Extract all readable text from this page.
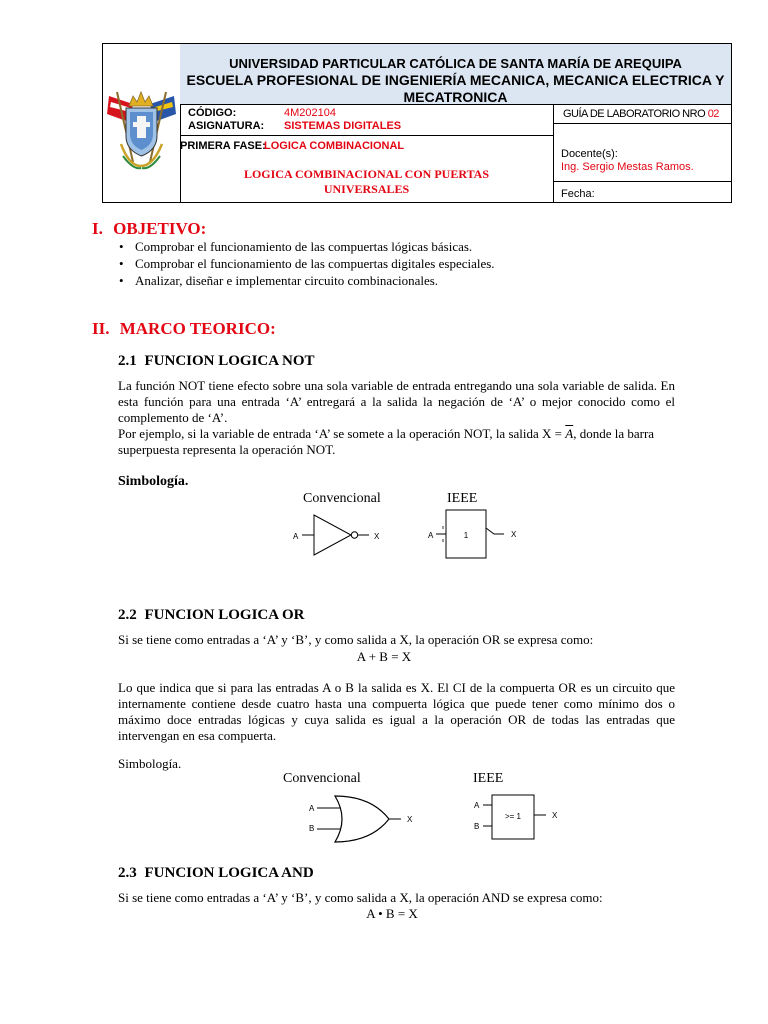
UNIVERSIDAD PARTICULAR CATÓLICA DE SANTA MARÍA DE AREQUIPA
ESCUELA PROFESIONAL DE INGENIERÍA MECANICA, MECANICA ELECTRICA Y
MECATRONICA
CÓDIGO:	4M202104
ASIGNATURA: SISTEMAS DIGITALES
PRIMERA FASE:
LOGICA COMBINACIONAL
LOGICA COMBINACIONAL CON PUERTAS
UNIVERSALES
GUÍA DE LABORATORIO NRO 02
Docente(s):
Ing. Sergio Mestas Ramos.
Fecha:
I. OBJETIVO:
• Comprobar el funcionamiento de las compuertas lógicas básicas.
• Comprobar el funcionamiento de las compuertas digitales especiales.
• Analizar, diseñar e implementar circuito combinacionales.
II. MARCO TEORICO:
2.1 FUNCION LOGICA NOT
La función NOT tiene efecto sobre una sola variable de entrada entregando una sola variable de salida. En esta función para una entrada ‘A’ entregará a la salida la negación de ‘A’ o mejor conocido como el complemento de ‘A’.
Por ejemplo, si la variable de entrada ‘A’ se somete a la operación NOT, la salida $X = \overline{A}$, donde la barra superpuesta representa la operación NOT.
Simbología.
Convencional	IEEE
A	X	A	1	X
2.2 FUNCION LOGICA OR
Si se tiene como entradas a ‘A’ y ‘B’, y como salida a X, la operación OR se expresa como:
A + B = X
Lo que indica que si para las entradas A o B la salida es X. El CI de la compuerta OR es un circuito que internamente contiene desde cuatro hasta una compuerta lógica que puede tener como mínimo dos o máximo doce entradas lógicas y cuya salida es igual a la operación OR de todas las entradas que intervengan en esa compuerta.
Simbología.
Convencional	IEEE
A
B
X
A
B
>= 1	X
2.3 FUNCION LOGICA AND
Si se tiene como entradas a ‘A’ y ‘B’, y como salida a X, la operación AND se expresa como:
A • B = X
